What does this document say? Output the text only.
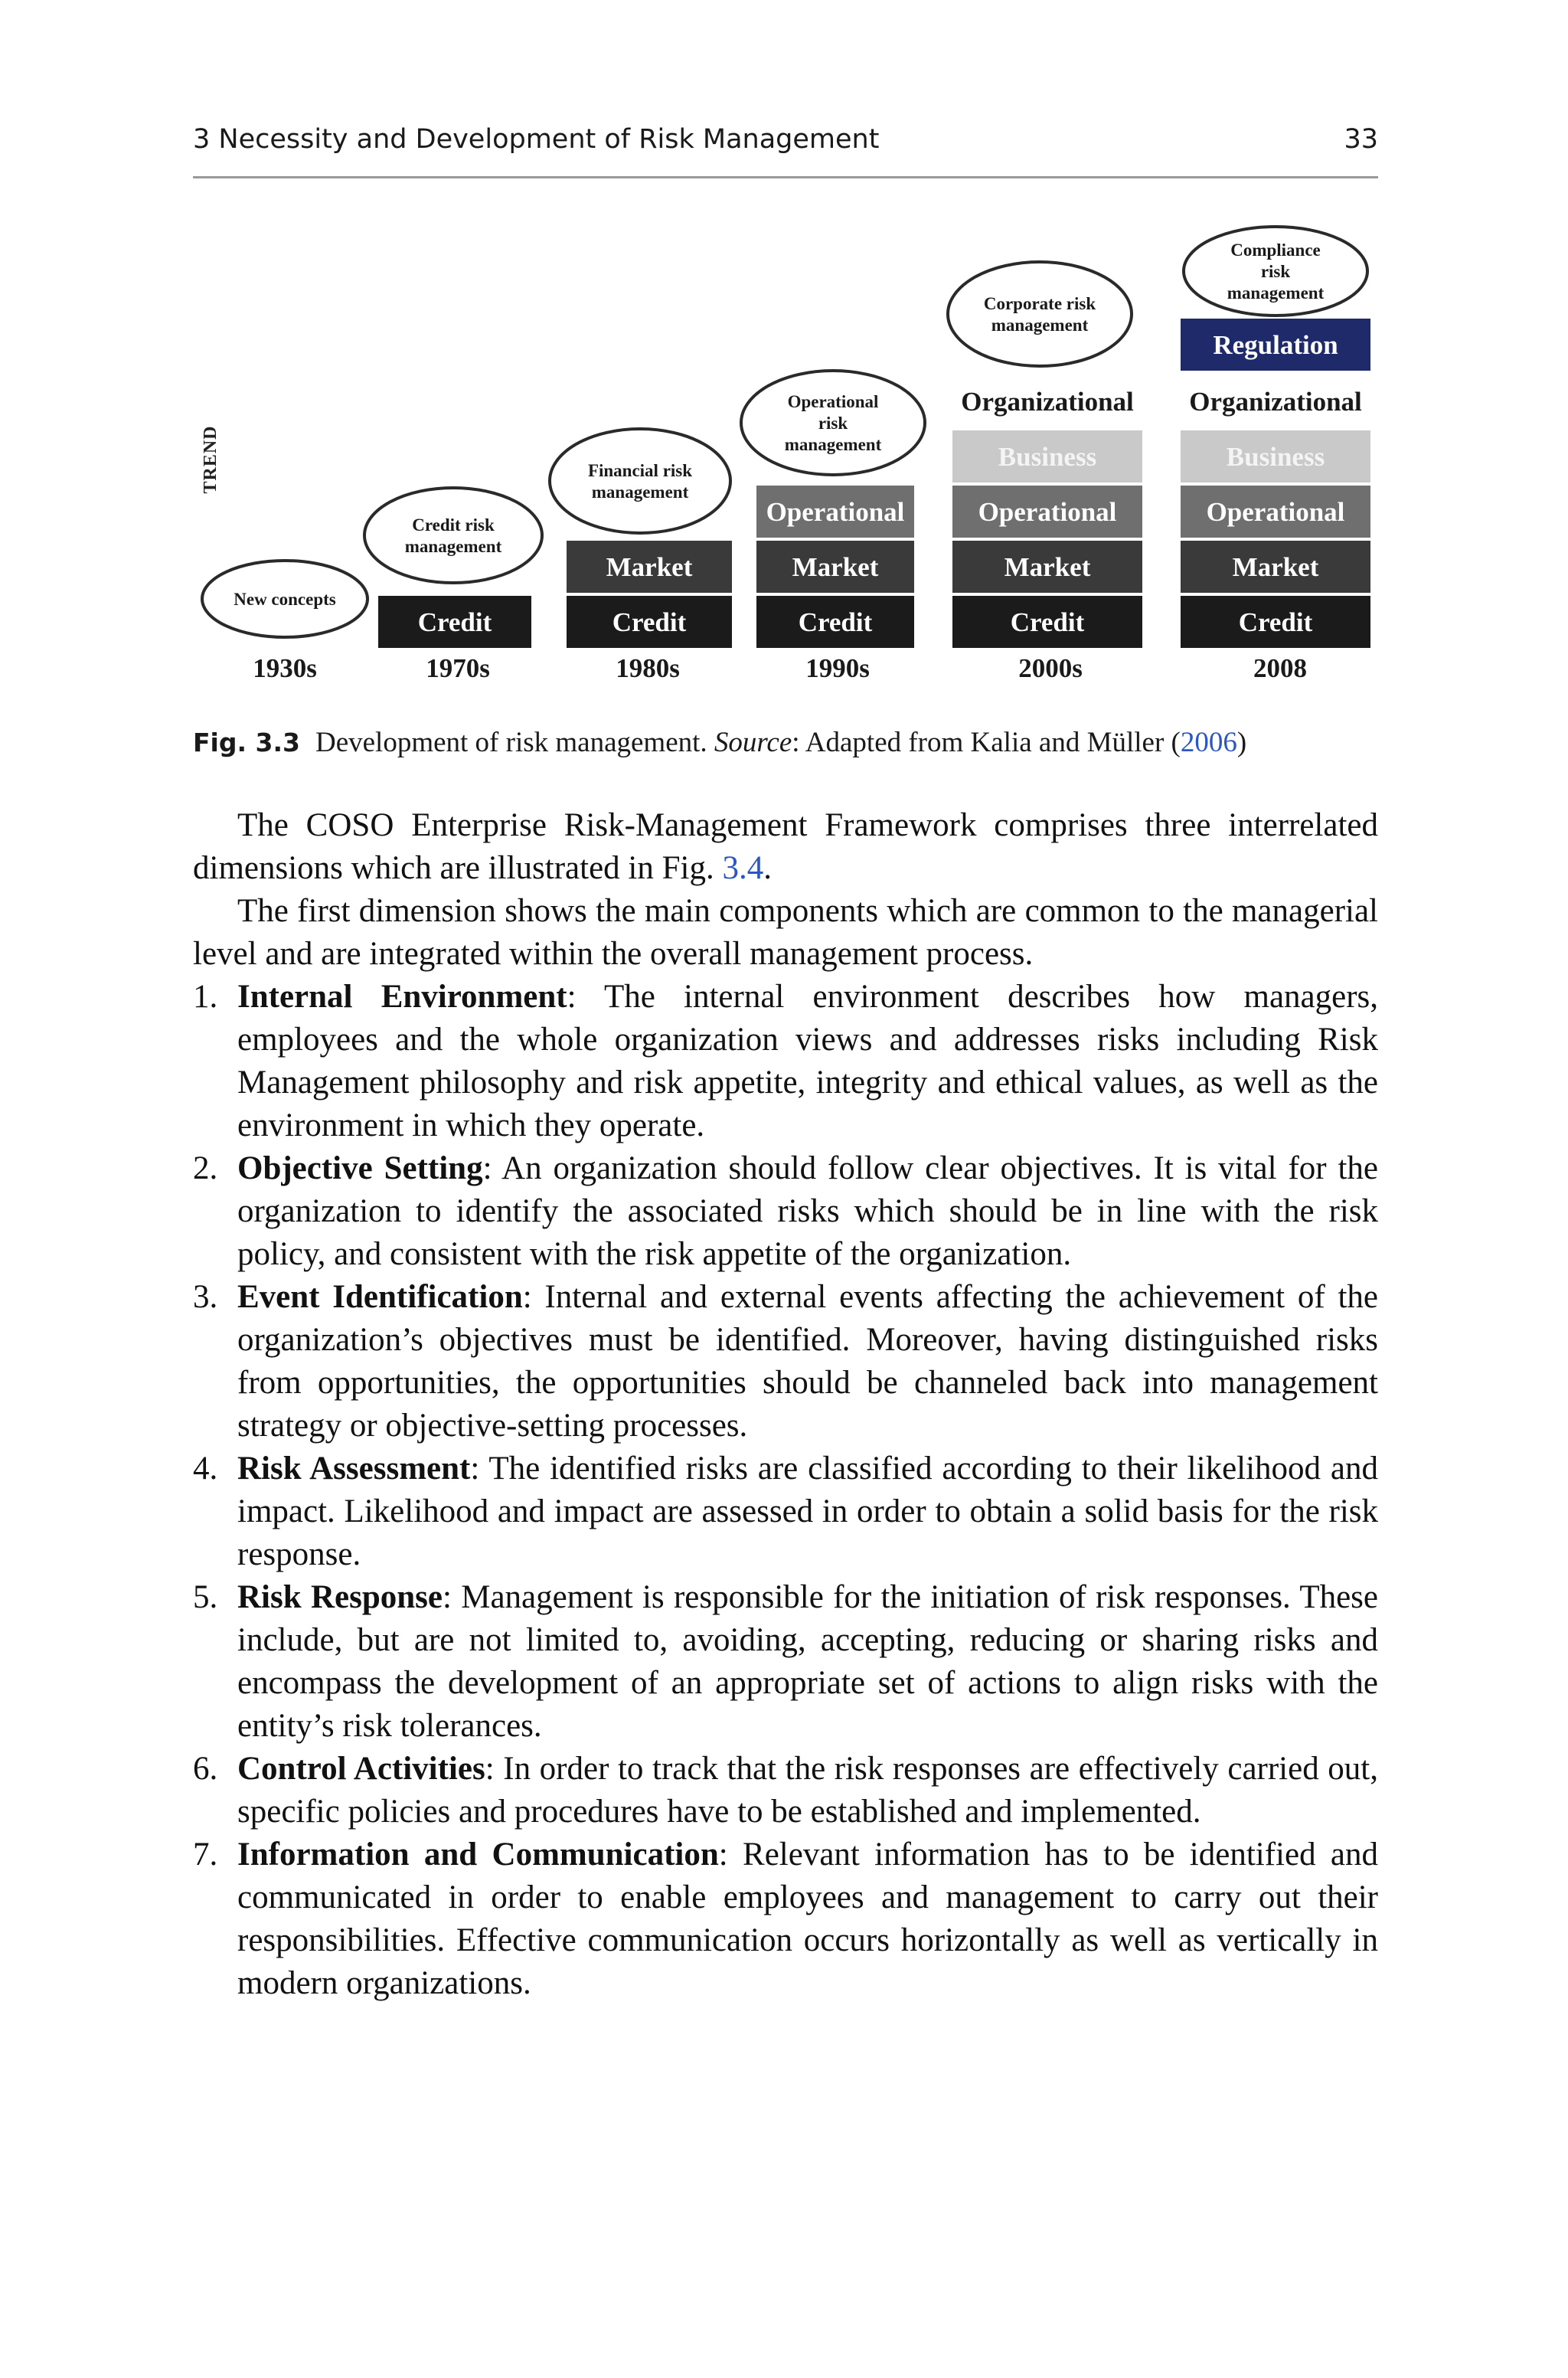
3 Necessity and Development of Risk Management	33
TREND
New concepts
1930s
Credit
Credit risk management
1970s
Credit
Market
Financial risk management
1980s
Credit
Market
Operational
Operational risk management
1990s
Credit
Market
Operational
Business
Organizational
Corporate risk management
2000s
Credit
Market
Operational
Business
Organizational
Regulation
Compliance risk management
2008
Fig. 3.3 Development of risk management. Source: Adapted from Kalia and Müller (2006)

The COSO Enterprise Risk-Management Framework comprises three interrelated dimensions which are illustrated in Fig. 3.4.

The first dimension shows the main components which are common to the managerial level and are integrated within the overall management process.

1. Internal Environment: The internal environment describes how managers, employees and the whole organization views and addresses risks including Risk Management philosophy and risk appetite, integrity and ethical values, as well as the environment in which they operate.
2. Objective Setting: An organization should follow clear objectives. It is vital for the organization to identify the associated risks which should be in line with the risk policy, and consistent with the risk appetite of the organization.
3. Event Identification: Internal and external events affecting the achievement of the organization’s objectives must be identified. Moreover, having distinguished risks from opportunities, the opportunities should be channeled back into management strategy or objective-setting processes.
4. Risk Assessment: The identified risks are classified according to their likelihood and impact. Likelihood and impact are assessed in order to obtain a solid basis for the risk response.
5. Risk Response: Management is responsible for the initiation of risk responses. These include, but are not limited to, avoiding, accepting, reducing or sharing risks and encompass the development of an appropriate set of actions to align risks with the entity’s risk tolerances.
6. Control Activities: In order to track that the risk responses are effectively carried out, specific policies and procedures have to be established and implemented.
7. Information and Communication: Relevant information has to be identified and communicated in order to enable employees and management to carry out their responsibilities. Effective communication occurs horizontally as well as vertically in modern organizations.
